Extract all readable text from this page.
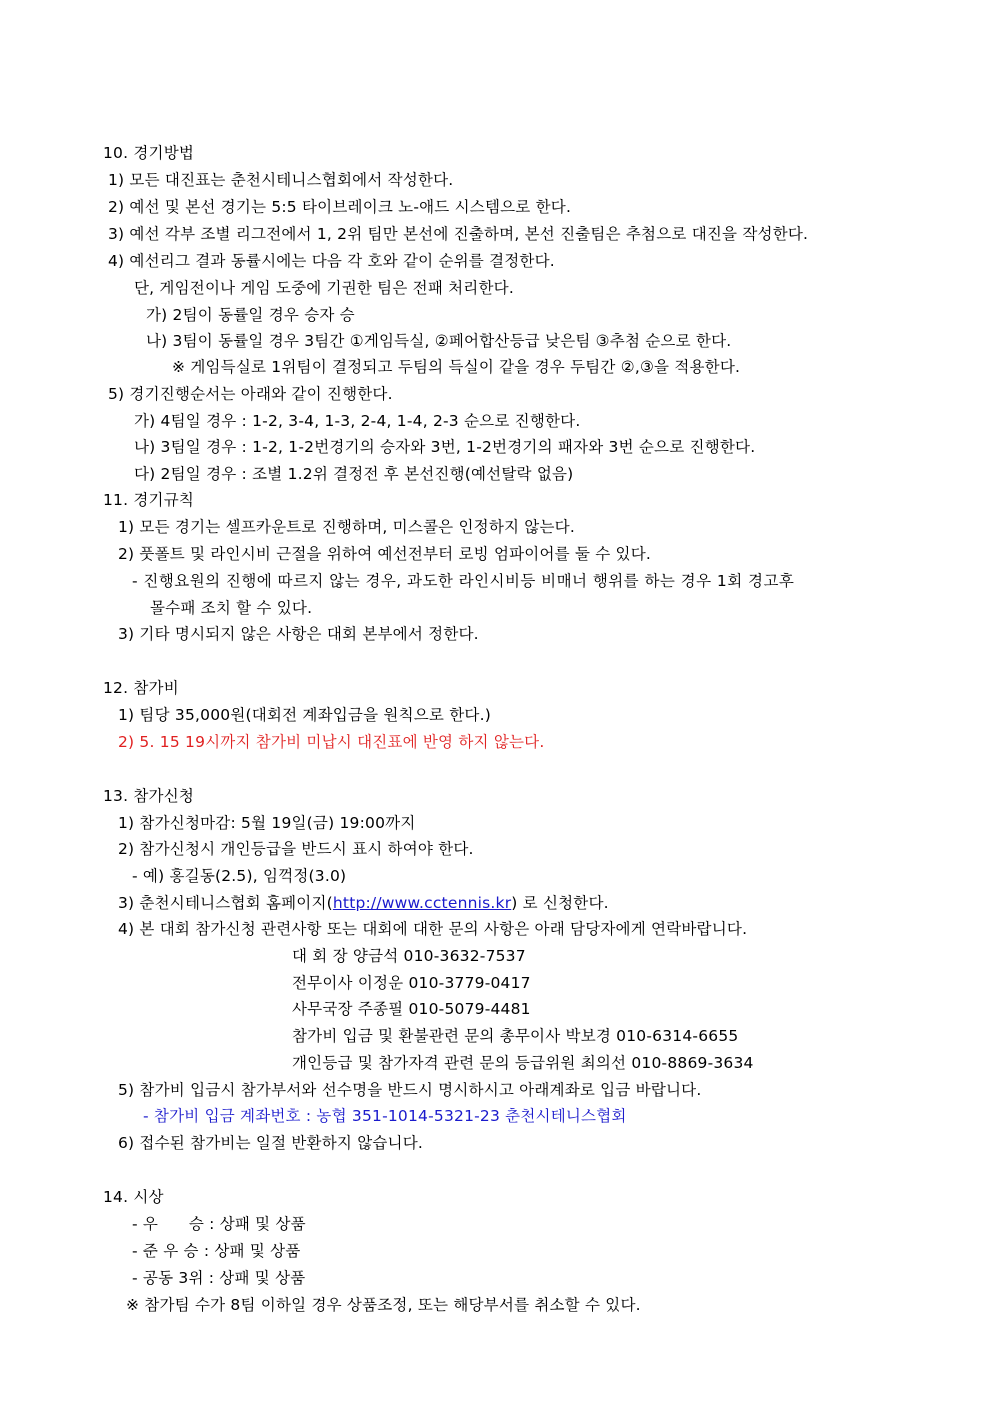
10. 경기방법
1) 모든 대진표는 춘천시테니스협회에서 작성한다.
2) 예선 및 본선 경기는 5:5 타이브레이크 노-애드 시스템으로 한다.
3) 예선 각부 조별 리그전에서 1, 2위 팀만 본선에 진출하며, 본선 진출팀은 추첨으로 대진을 작성한다.
4) 예선리그 결과 동률시에는 다음 각 호와 같이 순위를 결정한다.
단, 게임전이나 게임 도중에 기권한 팀은 전패 처리한다.
가) 2팀이 동률일 경우 승자 승
나) 3팀이 동률일 경우 3팀간 ①게임득실, ②페어합산등급 낮은팀 ③추첨 순으로 한다.
※ 게임득실로 1위팀이 결정되고 두팀의 득실이 같을 경우 두팀간 ②,③을 적용한다.
5) 경기진행순서는 아래와 같이 진행한다.
가) 4팀일 경우 : 1-2, 3-4, 1-3, 2-4, 1-4, 2-3 순으로 진행한다.
나) 3팀일 경우 : 1-2, 1-2번경기의 승자와 3번, 1-2번경기의 패자와 3번 순으로 진행한다.
다) 2팀일 경우 : 조별 1.2위 결정전 후 본선진행(예선탈락 없음)
11. 경기규칙
1) 모든 경기는 셀프카운트로 진행하며, 미스콜은 인정하지 않는다.
2) 풋폴트 및 라인시비 근절을 위하여 예선전부터 로빙 엄파이어를 둘 수 있다.
- 진행요원의 진행에 따르지 않는 경우, 과도한 라인시비등 비매너 행위를 하는 경우 1회 경고후
몰수패 조치 할 수 있다.
3) 기타 명시되지 않은 사항은 대회 본부에서 정한다.
12. 참가비
1) 팀당 35,000원(대회전 계좌입금을 원칙으로 한다.)
2) 5. 15 19시까지 참가비 미납시 대진표에 반영 하지 않는다.
13. 참가신청
1) 참가신청마감: 5월 19일(금) 19:00까지
2) 참가신청시 개인등급을 반드시 표시 하여야 한다.
- 예) 홍길동(2.5), 임꺽정(3.0)
3) 춘천시테니스협회 홈페이지(http://www.cctennis.kr) 로 신청한다.
4) 본 대회 참가신청 관련사항 또는 대회에 대한 문의 사항은 아래 담당자에게 연락바랍니다.
대 회 장 양금석 010-3632-7537
전무이사 이정운 010-3779-0417
사무국장 주종필 010-5079-4481
참가비 입금 및 환불관련 문의 총무이사 박보경 010-6314-6655
개인등급 및 참가자격 관련 문의 등급위원 최의선 010-8869-3634
5) 참가비 입금시 참가부서와 선수명을 반드시 명시하시고 아래계좌로 입금 바랍니다.
- 참가비 입금 계좌번호 : 농협 351-1014-5321-23 춘천시테니스협회
6) 접수된 참가비는 일절 반환하지 않습니다.
14. 시상
- 우      승 : 상패 및 상품
- 준 우 승 : 상패 및 상품
- 공동 3위 : 상패 및 상품
※ 참가팀 수가 8팀 이하일 경우 상품조정, 또는 해당부서를 취소할 수 있다.
